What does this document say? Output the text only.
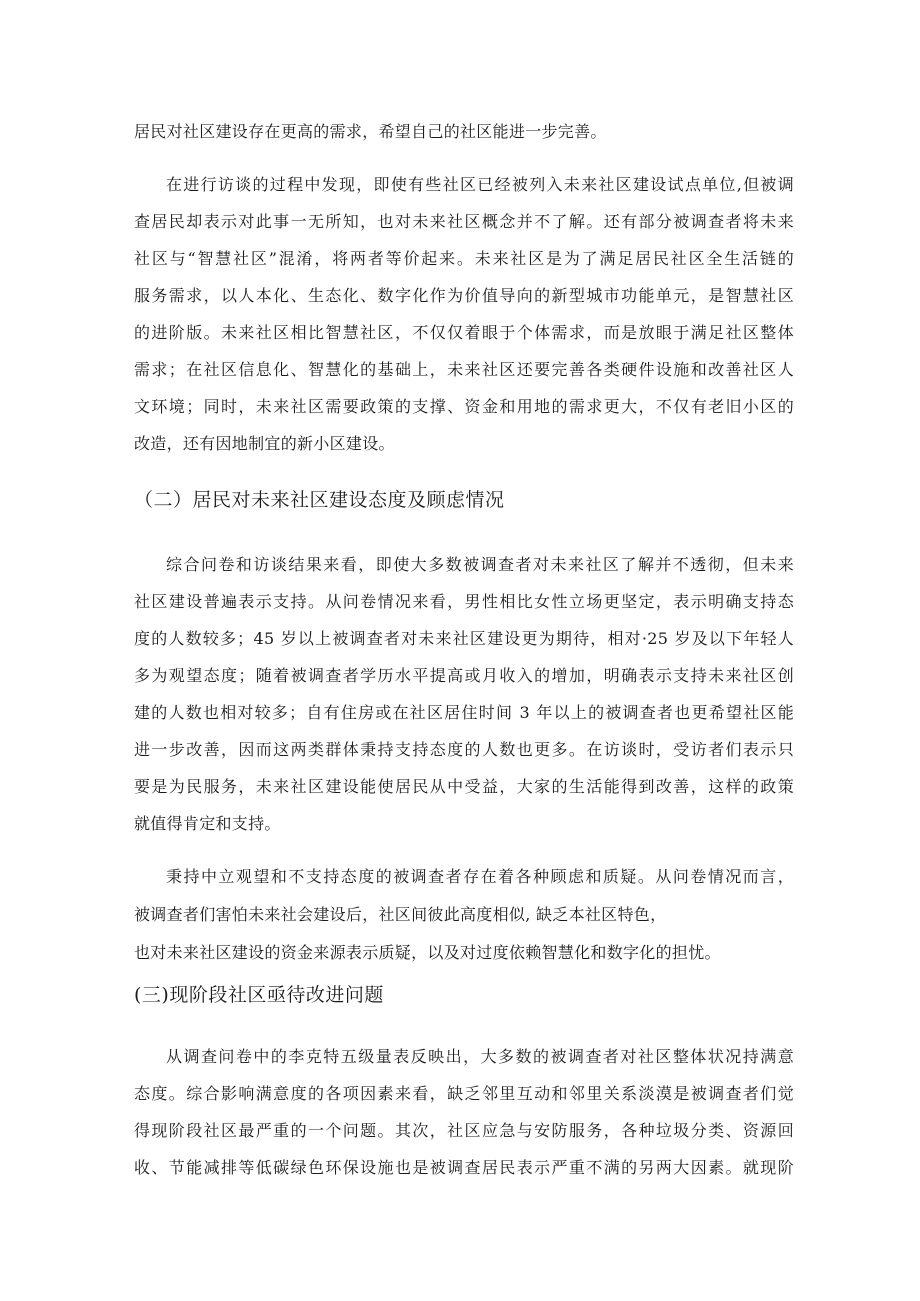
居民对社区建设存在更高的需求，希望自己的社区能进一步完善。
在进行访谈的过程中发现，即使有些社区已经被列入未来社区建设试点单位,但被调
查居民却表示对此事一无所知，也对未来社区概念并不了解。还有部分被调查者将未来
社区与“智慧社区”混淆，将两者等价起来。未来社区是为了满足居民社区全生活链的
服务需求，以人本化、生态化、数字化作为价值导向的新型城市功能单元，是智慧社区
的进阶版。未来社区相比智慧社区，不仅仅着眼于个体需求，而是放眼于满足社区整体
需求；在社区信息化、智慧化的基础上，未来社区还要完善各类硬件设施和改善社区人
文环境；同时，未来社区需要政策的支撑、资金和用地的需求更大，不仅有老旧小区的
改造，还有因地制宜的新小区建设。
（二）居民对未来社区建设态度及顾虑情况
综合问卷和访谈结果来看，即使大多数被调查者对未来社区了解并不透彻，但未来
社区建设普遍表示支持。从问卷情况来看，男性相比女性立场更坚定，表示明确支持态
度的人数较多；45 岁以上被调查者对未来社区建设更为期待，相对·25 岁及以下年轻人
多为观望态度；随着被调查者学历水平提高或月收入的增加，明确表示支持未来社区创
建的人数也相对较多；自有住房或在社区居住时间 3 年以上的被调查者也更希望社区能
进一步改善，因而这两类群体秉持支持态度的人数也更多。在访谈时，受访者们表示只
要是为民服务，未来社区建设能使居民从中受益，大家的生活能得到改善，这样的政策
就值得肯定和支持。
秉持中立观望和不支持态度的被调查者存在着各种顾虑和质疑。从问卷情况而言，
被调查者们害怕未来社会建设后，社区间彼此高度相似, 缺乏本社区特色，
也对未来社区建设的资金来源表示质疑，以及对过度依赖智慧化和数字化的担忧。
(三)现阶段社区亟待改进问题
从调查问卷中的李克特五级量表反映出，大多数的被调查者对社区整体状况持满意
态度。综合影响满意度的各项因素来看，缺乏邻里互动和邻里关系淡漠是被调查者们觉
得现阶段社区最严重的一个问题。其次，社区应急与安防服务，各种垃圾分类、资源回
收、节能减排等低碳绿色环保设施也是被调查居民表示严重不满的另两大因素。就现阶
